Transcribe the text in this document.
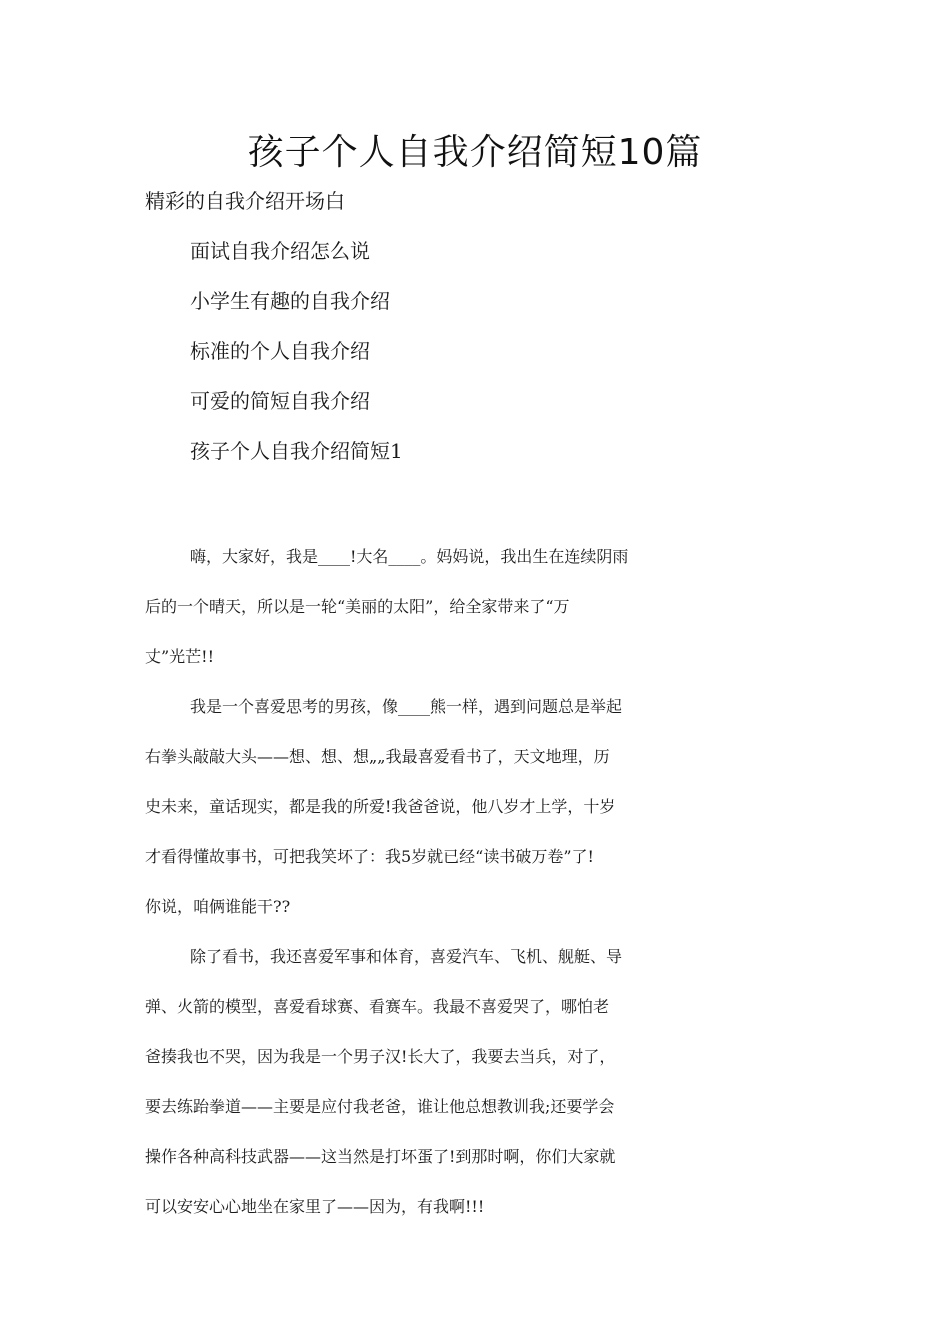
孩子个人自我介绍简短10篇
精彩的自我介绍开场白
面试自我介绍怎么说
小学生有趣的自我介绍
标准的个人自我介绍
可爱的简短自我介绍
孩子个人自我介绍简短1
嗨，大家好，我是____!大名____。妈妈说，我出生在连续阴雨
后的一个晴天，所以是一轮“美丽的太阳”，给全家带来了“万
丈”光芒!!
我是一个喜爱思考的男孩，像____熊一样，遇到问题总是举起
右拳头敲敲大头——想、想、想„„我最喜爱看书了，天文地理，历
史未来，童话现实，都是我的所爱!我爸爸说，他八岁才上学，十岁
才看得懂故事书，可把我笑坏了：我5岁就已经“读书破万卷”了!
你说，咱俩谁能干??
除了看书，我还喜爱军事和体育，喜爱汽车、飞机、舰艇、导
弹、火箭的模型，喜爱看球赛、看赛车。我最不喜爱哭了，哪怕老
爸揍我也不哭，因为我是一个男子汉!长大了，我要去当兵，对了，
要去练跆拳道——主要是应付我老爸，谁让他总想教训我;还要学会
操作各种高科技武器——这当然是打坏蛋了!到那时啊，你们大家就
可以安安心心地坐在家里了——因为，有我啊!!!
